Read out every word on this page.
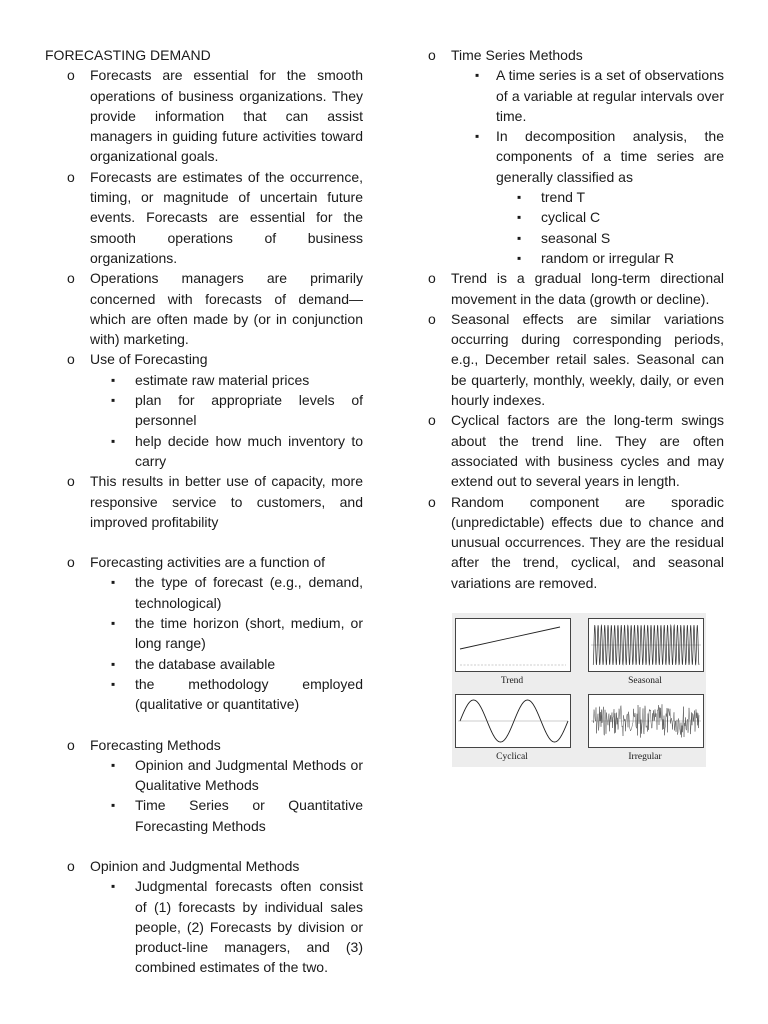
FORECASTING DEMAND

o Forecasts are essential for the smooth operations of business organizations. They provide information that can assist managers in guiding future activities toward organizational goals.
o Forecasts are estimates of the occurrence, timing, or magnitude of uncertain future events. Forecasts are essential for the smooth operations of business organizations.
o Operations managers are primarily concerned with forecasts of demand—which are often made by (or in conjunction with) marketing.
o Use of Forecasting
▪ estimate raw material prices
▪ plan for appropriate levels of personnel
▪ help decide how much inventory to carry
o This results in better use of capacity, more responsive service to customers, and improved profitability
o Forecasting activities are a function of
▪ the type of forecast (e.g., demand, technological)
▪ the time horizon (short, medium, or long range)
▪ the database available
▪ the methodology employed (qualitative or quantitative)
o Forecasting Methods
▪ Opinion and Judgmental Methods or Qualitative Methods
▪ Time Series or Quantitative Forecasting Methods
o Opinion and Judgmental Methods
▪ Judgmental forecasts often consist of (1) forecasts by individual sales people, (2) Forecasts by division or product-line managers, and (3) combined estimates of the two.
o Time Series Methods
▪ A time series is a set of observations of a variable at regular intervals over time.
▪ In decomposition analysis, the components of a time series are generally classified as
▪ trend T
▪ cyclical C
▪ seasonal S
▪ random or irregular R
o Trend is a gradual long-term directional movement in the data (growth or decline).
o Seasonal effects are similar variations occurring during corresponding periods, e.g., December retail sales. Seasonal can be quarterly, monthly, weekly, daily, or even hourly indexes.
o Cyclical factors are the long-term swings about the trend line. They are often associated with business cycles and may extend out to several years in length.
o Random component are sporadic (unpredictable) effects due to chance and unusual occurrences. They are the residual after the trend, cyclical, and seasonal variations are removed.
Trend	Seasonal
Cyclical	Irregular
